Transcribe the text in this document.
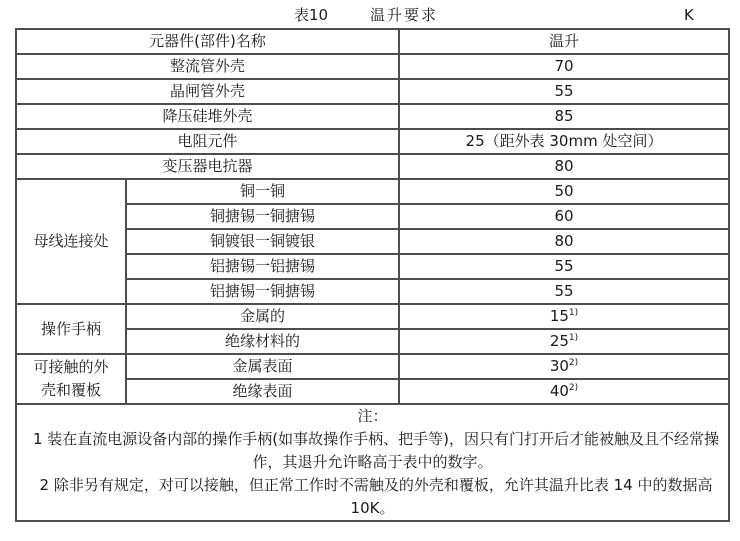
表10	温升要求	K
元器件(部件)名称		温升
整流管外壳		70
晶闸管外壳		55
降压硅堆外壳		85
电阻元件		25（距外表 30mm 处空间）
变压器电抗器		80

母线连接处	铜一铜	50
	铜搪锡一铜搪锡	60
	铜镀银一铜镀银	80
	铝搪锡一铝搪锡	55
	铝搪锡一铜搪锡	55

操作手柄	金属的	15$^{1)}$
	绝缘材料的	25$^{1)}$

可接触的外壳和覆板	金属表面	30$^{2)}$
	绝缘表面	40$^{2)}$

注：

1 装在直流电源设备内部的操作手柄(如事故操作手柄、把手等)，因只有门打开后才能被触及且不经常操作，其退升允许略高于表中的数字。

2 除非另有规定，对可以接触，但正常工作时不需触及的外壳和覆板，允许其温升比表 14 中的数据高 10K。		
